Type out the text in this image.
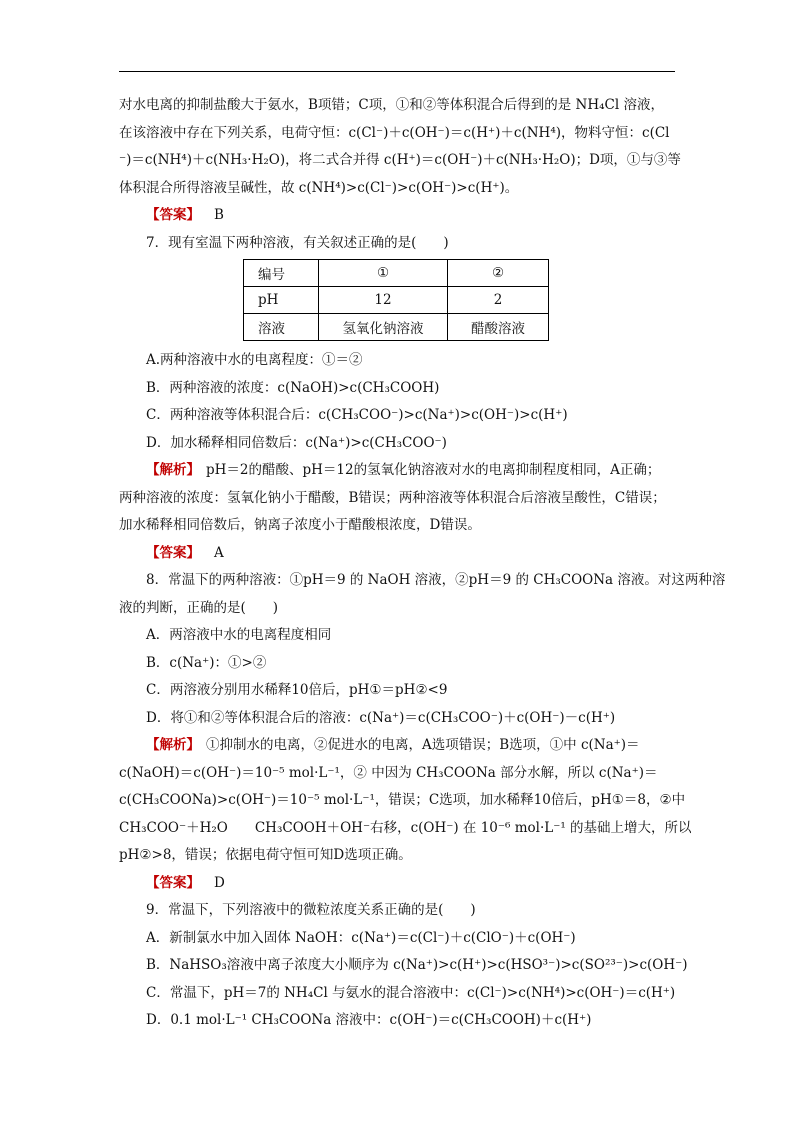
对水电离的抑制盐酸大于氨水，B项错；C项，①和②等体积混合后得到的是 NH₄Cl 溶液，
在该溶液中存在下列关系，电荷守恒：c(Cl⁻)＋c(OH⁻)＝c(H⁺)＋c(NH⁴)，物料守恒：c(Cl
⁻)＝c(NH⁴)＋c(NH₃·H₂O)，将二式合并得 c(H⁺)＝c(OH⁻)＋c(NH₃·H₂O)；D项，①与③等
体积混合所得溶液呈碱性，故 c(NH⁴)>c(Cl⁻)>c(OH⁻)>c(H⁺)。
【答案】 B
7．现有室温下两种溶液，有关叙述正确的是(　　)
编号	①	②
pH	12	2
溶液	氢氧化钠溶液	醋酸溶液
A.两种溶液中水的电离程度：①＝②
B．两种溶液的浓度：c(NaOH)>c(CH₃COOH)
C．两种溶液等体积混合后：c(CH₃COO⁻)>c(Na⁺)>c(OH⁻)>c(H⁺)
D．加水稀释相同倍数后：c(Na⁺)>c(CH₃COO⁻)
【解析】 pH＝2的醋酸、pH＝12的氢氧化钠溶液对水的电离抑制程度相同，A正确；
两种溶液的浓度：氢氧化钠小于醋酸，B错误；两种溶液等体积混合后溶液呈酸性，C错误；
加水稀释相同倍数后，钠离子浓度小于醋酸根浓度，D错误。
【答案】 A
8．常温下的两种溶液：①pH＝9 的 NaOH 溶液，②pH＝9 的 CH₃COONa 溶液。对这两种溶
液的判断，正确的是(　　)
A．两溶液中水的电离程度相同
B．c(Na⁺)：①>②
C．两溶液分别用水稀释10倍后，pH①＝pH②<9
D．将①和②等体积混合后的溶液：c(Na⁺)＝c(CH₃COO⁻)＋c(OH⁻)－c(H⁺)
【解析】 ①抑制水的电离，②促进水的电离，A选项错误；B选项，①中 c(Na⁺)＝
c(NaOH)＝c(OH⁻)＝10⁻⁵ mol·L⁻¹，② 中因为 CH₃COONa 部分水解，所以 c(Na⁺)＝
c(CH₃COONa)>c(OH⁻)＝10⁻⁵ mol·L⁻¹，错误；C选项，加水稀释10倍后，pH①＝8，②中
CH₃COO⁻＋H₂O　　CH₃COOH＋OH⁻右移，c(OH⁻) 在 10⁻⁶ mol·L⁻¹ 的基础上增大，所以
pH②>8，错误；依据电荷守恒可知D选项正确。
【答案】 D
9．常温下，下列溶液中的微粒浓度关系正确的是(　　)
A．新制氯水中加入固体 NaOH：c(Na⁺)＝c(Cl⁻)＋c(ClO⁻)＋c(OH⁻)
B．NaHSO₃溶液中离子浓度大小顺序为 c(Na⁺)>c(H⁺)>c(HSO³⁻)>c(SO²³⁻)>c(OH⁻)
C．常温下，pH＝7的 NH₄Cl 与氨水的混合溶液中：c(Cl⁻)>c(NH⁴)>c(OH⁻)＝c(H⁺)
D．0.1 mol·L⁻¹ CH₃COONa 溶液中：c(OH⁻)＝c(CH₃COOH)＋c(H⁺)
